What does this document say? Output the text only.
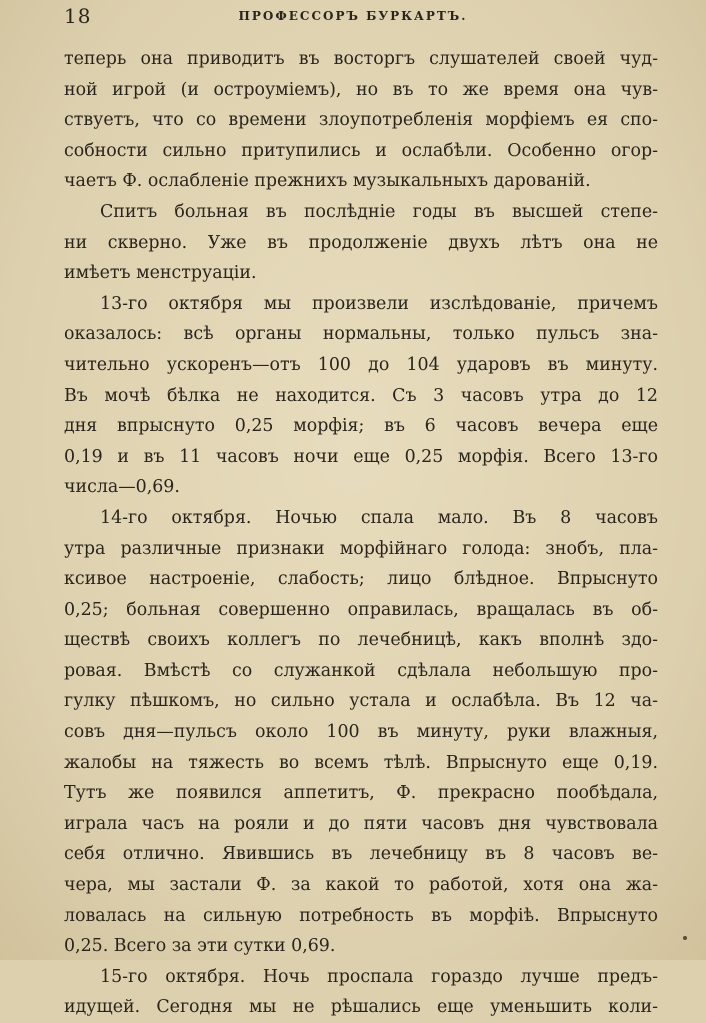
18	ПРОФЕССОРЪ БУРКАРТЪ.
теперь она приводитъ въ восторгъ слушателей своей чуд-
ной игрой (и остроумiемъ), но въ то же время она чув-
ствуетъ, что со времени злоупотребленiя морфiемъ ея спо-
собности сильно притупились и ослабѣли. Особенно огор-
чаетъ Ф. ослабленiе прежнихъ музыкальныхъ дарованiй.
Спитъ больная въ послѣднiе годы въ высшей степе-
ни скверно. Уже въ продолженiе двухъ лѣтъ она не
имѣетъ менструацiи.
13-го октября мы произвели изслѣдованiе, причемъ
оказалось: всѣ органы нормальны, только пульсъ зна-
чительно ускоренъ—отъ 100 до 104 ударовъ въ минуту.
Въ мочѣ бѣлка не находится. Съ 3 часовъ утра до 12
дня впрыснуто 0,25 морфiя; въ 6 часовъ вечера еще
0,19 и въ 11 часовъ ночи еще 0,25 морфiя. Всего 13-го
числа—0,69.
14-го октября. Ночью спала мало. Въ 8 часовъ
утра различные признаки морфiйнаго голода: знобъ, пла-
ксивое настроенiе, слабость; лицо блѣдное. Впрыснуто
0,25; больная совершенно оправилась, вращалась въ об-
ществѣ своихъ коллегъ по лечебницѣ, какъ вполнѣ здо-
ровая. Вмѣстѣ со служанкой сдѣлала небольшую про-
гулку пѣшкомъ, но сильно устала и ослабѣла. Въ 12 ча-
совъ дня—пульсъ около 100 въ минуту, руки влажныя,
жалобы на тяжесть во всемъ тѣлѣ. Впрыснуто еще 0,19.
Тутъ же появился аппетитъ, Ф. прекрасно пообѣдала,
играла часъ на рояли и до пяти часовъ дня чувствовала
себя отлично. Явившись въ лечебницу въ 8 часовъ ве-
чера, мы застали Ф. за какой то работой, хотя она жа-
ловалась на сильную потребность въ морфiѣ. Впрыснуто
0,25. Всего за эти сутки 0,69.
15-го октября. Ночь проспала гораздо лучше предъ-
идущей. Сегодня мы не рѣшались еще уменьшить коли-
